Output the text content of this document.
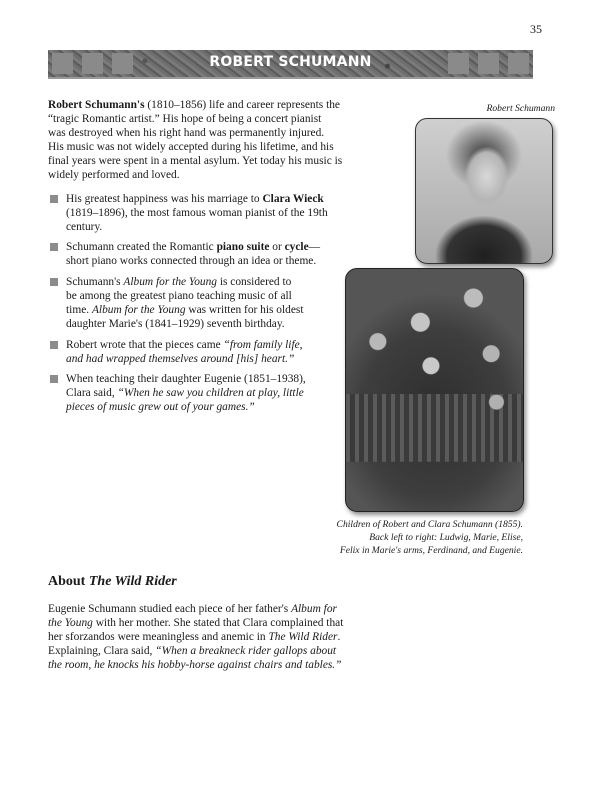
35
ROBERT SCHUMANN
Robert Schumann's (1810–1856) life and career represents the
“tragic Romantic artist.” His hope of being a concert pianist
was destroyed when his right hand was permanently injured.
His music was not widely accepted during his lifetime, and his
final years were spent in a mental asylum. Yet today his music is
widely performed and loved.
His greatest happiness was his marriage to Clara Wieck
(1819–1896), the most famous woman pianist of the 19th
century.
Schumann created the Romantic piano suite or cycle—
short piano works connected through an idea or theme.
Schumann's Album for the Young is considered to
be among the greatest piano teaching music of all
time. Album for the Young was written for his oldest
daughter Marie's (1841–1929) seventh birthday.
Robert wrote that the pieces came “from family life,
and had wrapped themselves around [his] heart.”
When teaching their daughter Eugenie (1851–1938),
Clara said, “When he saw you children at play, little
pieces of music grew out of your games.”
Robert Schumann
Children of Robert and Clara Schumann (1855).
Back left to right: Ludwig, Marie, Elise,
Felix in Marie's arms, Ferdinand, and Eugenie.
About The Wild Rider
Eugenie Schumann studied each piece of her father's Album for
the Young with her mother. She stated that Clara complained that
her sforzandos were meaningless and anemic in The Wild Rider.
Explaining, Clara said, “When a breakneck rider gallops about
the room, he knocks his hobby-horse against chairs and tables.”
